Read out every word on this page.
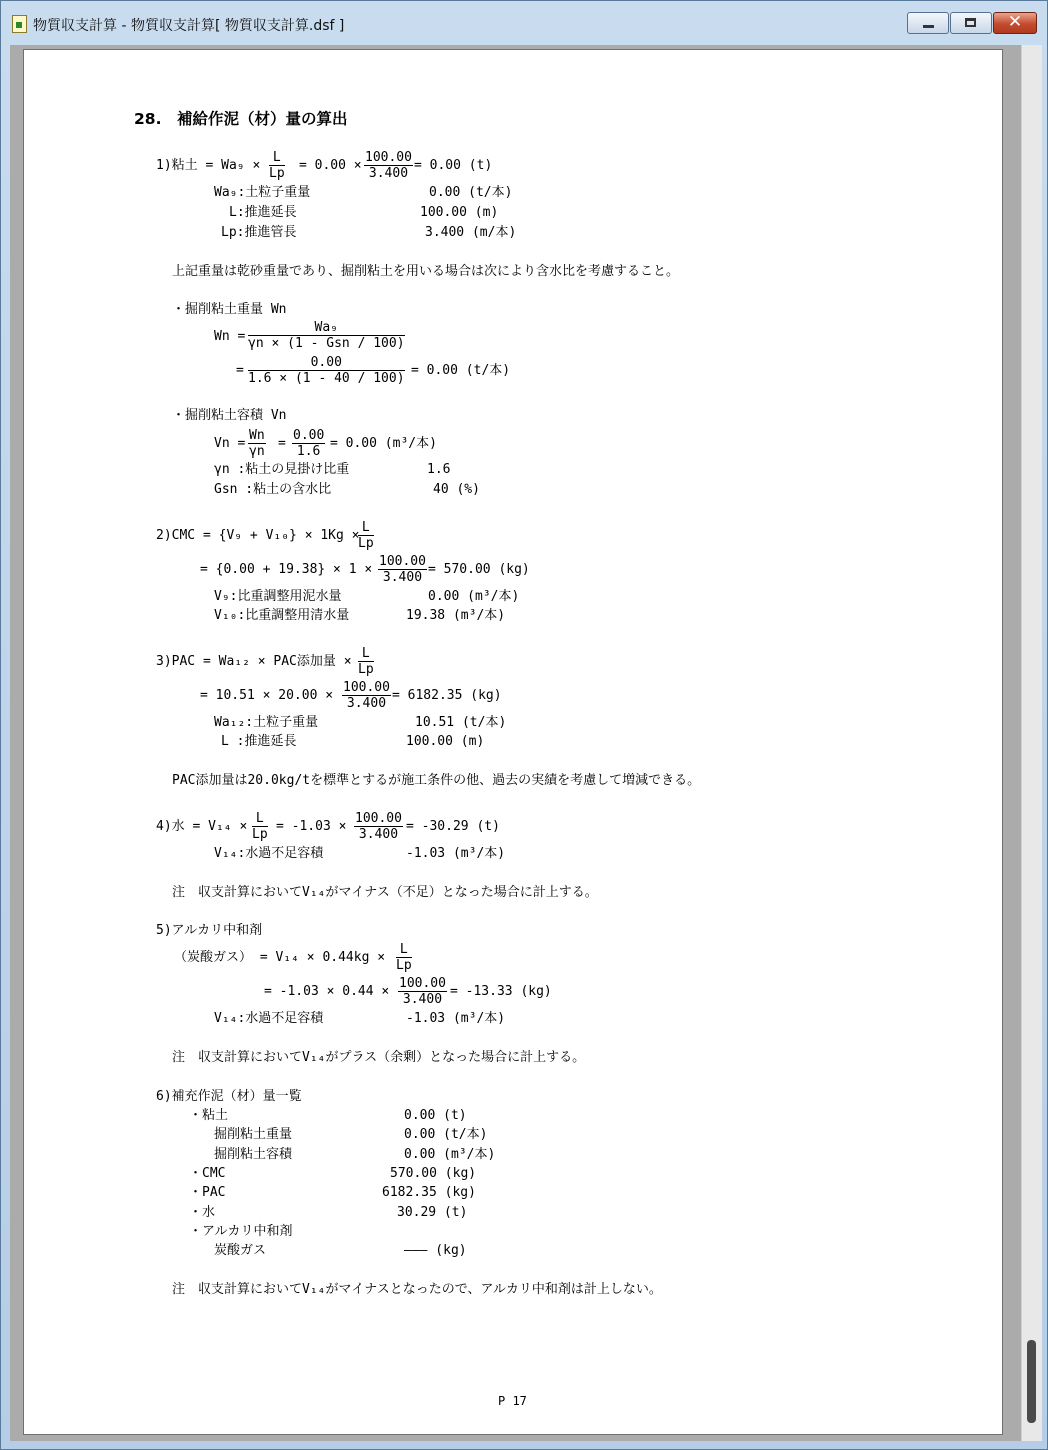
物質収支計算 - 物質収支計算[ 物質収支計算.dsf ]	✕
28.　補給作泥（材）量の算出
1)粘土 = $Wa_9 \times \frac{L}{Lp} = 0.00 \times \frac{100.00}{3.400} = 0.00$ (t)
Wa₉:土粒子重量	0.00 (t/本)
L:推進延長	100.00 (m)
Lp:推進管長	3.400 (m/本)
上記重量は乾砂重量であり、掘削粘土を用いる場合は次により含水比を考慮すること。
・掘削粘土重量 Wn
Wn =
Wa₉
γn × (1 - Gsn / 100)
= $\frac{0.00}{1.6 \times (1 - 40 / 100)} = 0.00$ (t/本)
・掘削粘土容積 Vn
$Vn = \frac{Wn}{\gamma n} = \frac{0.00}{1.6} = 0.00$ (m³/本)
γn :粘土の見掛け比重	1.6
Gsn :粘土の含水比	40 (%)
2)CMC = {V₉ + V₁₀} × 1Kg ×
$\frac{L}{Lp}$
= $\{0.00 + 19.38\} \times 1 \times \frac{100.00}{3.400} = 570.00$ (kg)
V₉:比重調整用泥水量	0.00 (m³/本)
V₁₀:比重調整用清水量	19.38 (m³/本)
3)PAC = Wa₁₂ × PAC添加量 × $\frac{L}{Lp}$
= $10.51 \times 20.00 \times \frac{100.00}{3.400} = 6182.35$ (kg)
Wa₁₂:土粒子重量	10.51 (t/本)
L :推進延長	100.00 (m)
PAC添加量は20.0kg/tを標準とするが施工条件の他、過去の実績を考慮して増減できる。
4)水 = $V_{14} \times \frac{L}{Lp} = -1.03 \times \frac{100.00}{3.400} = -30.29$ (t)
V₁₄:水過不足容積	-1.03 (m³/本)
注　収支計算においてV₁₄がマイナス（不足）となった場合に計上する。
5)アルカリ中和剤
（炭酸ガス） = $V_{14} \times 0.44kg \times \frac{L}{Lp}$
= $-1.03 \times 0.44 \times \frac{100.00}{3.400} = -13.33$ (kg)
V₁₄:水過不足容積	-1.03 (m³/本)
注　収支計算においてV₁₄がプラス（余剰）となった場合に計上する。
6)補充作泥（材）量一覧
・粘土	0.00 (t)
掘削粘土重量	0.00 (t/本)
掘削粘土容積	0.00 (m³/本)
・CMC	570.00 (kg)
・PAC	6182.35 (kg)
・水	30.29 (t)
・アルカリ中和剤
炭酸ガス	――― (kg)
注　収支計算においてV₁₄がマイナスとなったので、アルカリ中和剤は計上しない。
P 17
